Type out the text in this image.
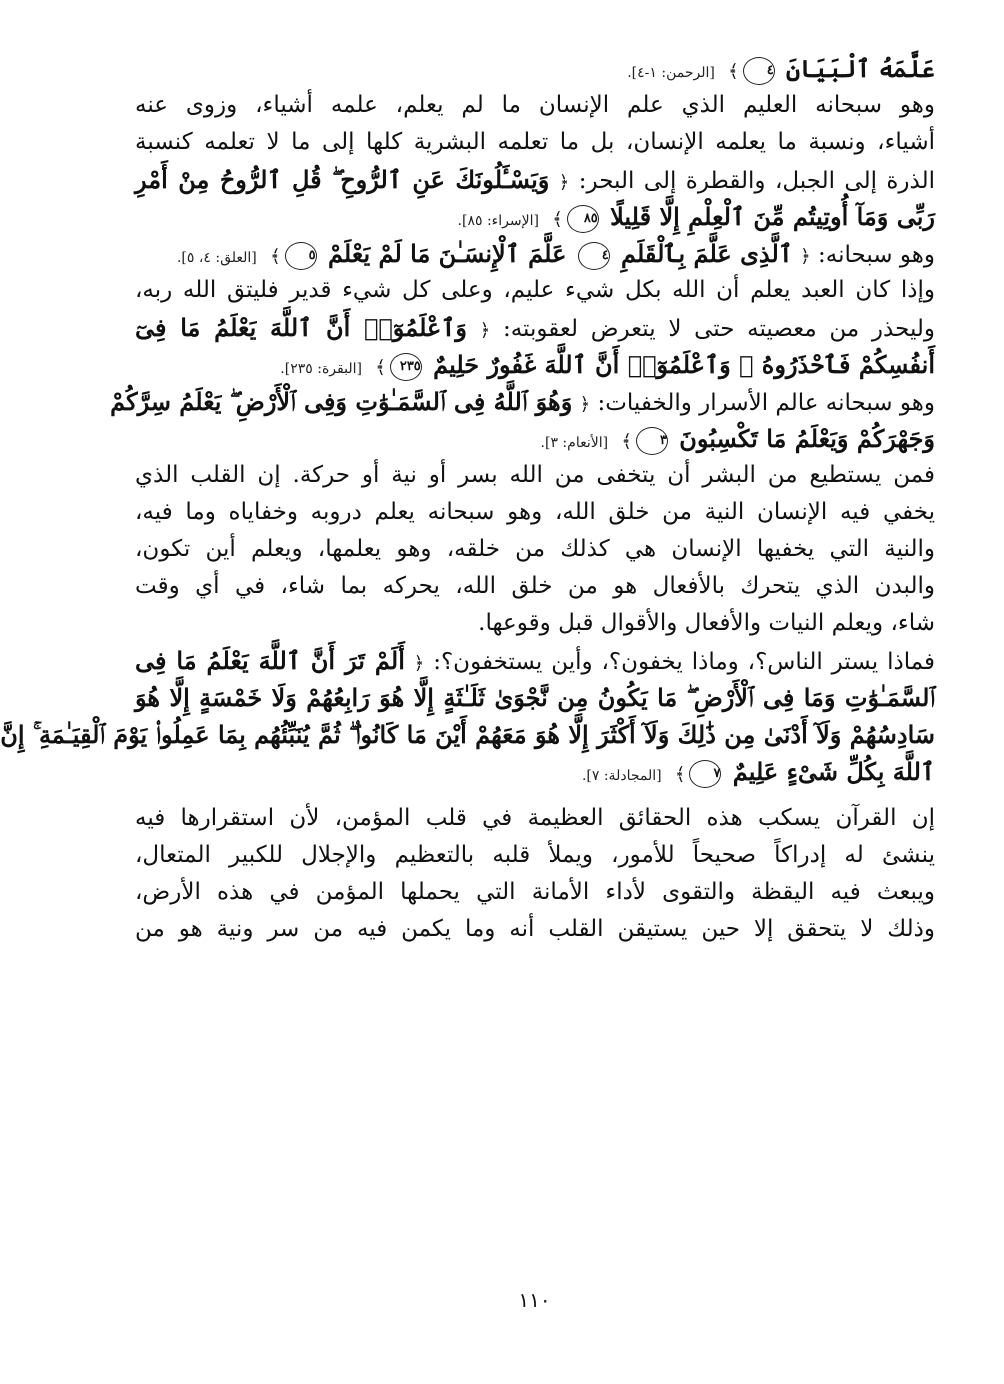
عَلَّمَهُ ٱلْبَيَانَ ٤﴾ [الرحمن: ١-٤].
وهو سبحانه العليم الذي علم الإنسان ما لم يعلم، علمه أشياء، وزوى عنه
أشياء، ونسبة ما يعلمه الإنسان، بل ما تعلمه البشرية كلها إلى ما لا تعلمه كنسبة
الذرة إلى الجبل، والقطرة إلى البحر: ﴿ وَيَسْـَٔلُونَكَ عَنِ ٱلرُّوحِ ۖ قُلِ ٱلرُّوحُ مِنْ أَمْرِ
رَبِّى وَمَآ أُوتِيتُم مِّنَ ٱلْعِلْمِ إِلَّا قَلِيلًا ٨٥﴾ [الإسراء: ٨٥].
وهو سبحانه: ﴿ ٱلَّذِى عَلَّمَ بِٱلْقَلَمِ ٤ عَلَّمَ ٱلْإِنسَـٰنَ مَا لَمْ يَعْلَمْ ٥﴾ [العلق: ٤، ٥].
وإذا كان العبد يعلم أن الله بكل شيء عليم، وعلى كل شيء قدير فليتق الله ربه،
وليحذر من معصيته حتى لا يتعرض لعقوبته: ﴿ وَٱعْلَمُوٓا۟ أَنَّ ٱللَّهَ يَعْلَمُ مَا فِىٓ
أَنفُسِكُمْ فَٱحْذَرُوهُ ۚ وَٱعْلَمُوٓا۟ أَنَّ ٱللَّهَ غَفُورٌ حَلِيمٌ ٢٣٥﴾ [البقرة: ٢٣٥].
وهو سبحانه عالم الأسرار والخفيات: ﴿ وَهُوَ ٱللَّهُ فِى ٱلسَّمَـٰوَٰتِ وَفِى ٱلْأَرْضِ ۖ يَعْلَمُ سِرَّكُمْ
وَجَهْرَكُمْ وَيَعْلَمُ مَا تَكْسِبُونَ ٣﴾ [الأنعام: ٣].
فمن يستطيع من البشر أن يتخفى من الله بسر أو نية أو حركة. إن القلب الذي
يخفي فيه الإنسان النية من خلق الله، وهو سبحانه يعلم دروبه وخفاياه وما فيه،
والنية التي يخفيها الإنسان هي كذلك من خلقه، وهو يعلمها، ويعلم أين تكون،
والبدن الذي يتحرك بالأفعال هو من خلق الله، يحركه بما شاء، في أي وقت
شاء، ويعلم النيات والأفعال والأقوال قبل وقوعها.
فماذا يستر الناس؟، وماذا يخفون؟، وأين يستخفون؟: ﴿ أَلَمْ تَرَ أَنَّ ٱللَّهَ يَعْلَمُ مَا فِى
ٱلسَّمَـٰوَٰتِ وَمَا فِى ٱلْأَرْضِ ۖ مَا يَكُونُ مِن نَّجْوَىٰ ثَلَـٰثَةٍ إِلَّا هُوَ رَابِعُهُمْ وَلَا خَمْسَةٍ إِلَّا هُوَ
سَادِسُهُمْ وَلَآ أَدْنَىٰ مِن ذَٰلِكَ وَلَآ أَكْثَرَ إِلَّا هُوَ مَعَهُمْ أَيْنَ مَا كَانُوا۟ ۖ ثُمَّ يُنَبِّئُهُم بِمَا عَمِلُوا۟ يَوْمَ ٱلْقِيَـٰمَةِ ۚ إِنَّ
ٱللَّهَ بِكُلِّ شَىْءٍ عَلِيمٌ ٧﴾ [المجادلة: ٧].
إن القرآن يسكب هذه الحقائق العظيمة في قلب المؤمن، لأن استقرارها فيه
ينشئ له إدراكاً صحيحاً للأمور، ويملأ قلبه بالتعظيم والإجلال للكبير المتعال،
ويبعث فيه اليقظة والتقوى لأداء الأمانة التي يحملها المؤمن في هذه الأرض،
وذلك لا يتحقق إلا حين يستيقن القلب أنه وما يكمن فيه من سر ونية هو من
١١٠
